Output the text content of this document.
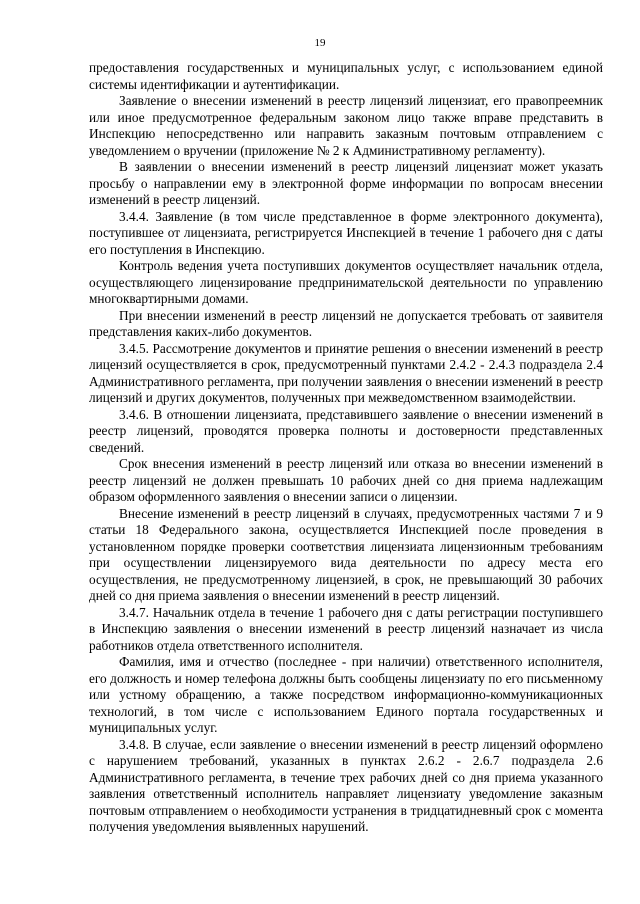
19

предоставления государственных и муниципальных услуг, с использованием единой системы идентификации и аутентификации.

Заявление о внесении изменений в реестр лицензий лицензиат, его правопреемник или иное предусмотренное федеральным законом лицо также вправе представить в Инспекцию непосредственно или направить заказным почтовым отправлением с уведомлением о вручении (приложение № 2 к Административному регламенту).

В заявлении о внесении изменений в реестр лицензий лицензиат может указать просьбу о направлении ему в электронной форме информации по вопросам внесении изменений в реестр лицензий.

3.4.4. Заявление (в том числе представленное в форме электронного документа), поступившее от лицензиата, регистрируется Инспекцией в течение 1 рабочего дня с даты его поступления в Инспекцию.

Контроль ведения учета поступивших документов осуществляет начальник отдела, осуществляющего лицензирование предпринимательской деятельности по управлению многоквартирными домами.

При внесении изменений в реестр лицензий не допускается требовать от заявителя представления каких-либо документов.

3.4.5. Рассмотрение документов и принятие решения о внесении изменений в реестр лицензий осуществляется в срок, предусмотренный пунктами 2.4.2 - 2.4.3 подраздела 2.4 Административного регламента, при получении заявления о внесении изменений в реестр лицензий и других документов, полученных при межведомственном взаимодействии.

3.4.6. В отношении лицензиата, представившего заявление о внесении изменений в реестр лицензий, проводятся проверка полноты и достоверности представленных сведений.

Срок внесения изменений в реестр лицензий или отказа во внесении изменений в реестр лицензий не должен превышать 10 рабочих дней со дня приема надлежащим образом оформленного заявления о внесении записи о лицензии.

Внесение изменений в реестр лицензий в случаях, предусмотренных частями 7 и 9 статьи 18 Федерального закона, осуществляется Инспекцией после проведения в установленном порядке проверки соответствия лицензиата лицензионным требованиям при осуществлении лицензируемого вида деятельности по адресу места его осуществления, не предусмотренному лицензией, в срок, не превышающий 30 рабочих дней со дня приема заявления о внесении изменений в реестр лицензий.

3.4.7. Начальник отдела в течение 1 рабочего дня с даты регистрации поступившего в Инспекцию заявления о внесении изменений в реестр лицензий назначает из числа работников отдела ответственного исполнителя.

Фамилия, имя и отчество (последнее - при наличии) ответственного исполнителя, его должность и номер телефона должны быть сообщены лицензиату по его письменному или устному обращению, а также посредством информационно-коммуникационных технологий, в том числе с использованием Единого портала государственных и муниципальных услуг.

3.4.8. В случае, если заявление о внесении изменений в реестр лицензий оформлено с нарушением требований, указанных в пунктах 2.6.2 - 2.6.7 подраздела 2.6 Административного регламента, в течение трех рабочих дней со дня приема указанного заявления ответственный исполнитель направляет лицензиату уведомление заказным почтовым отправлением о необходимости устранения в тридцатидневный срок с момента получения уведомления выявленных нарушений.
